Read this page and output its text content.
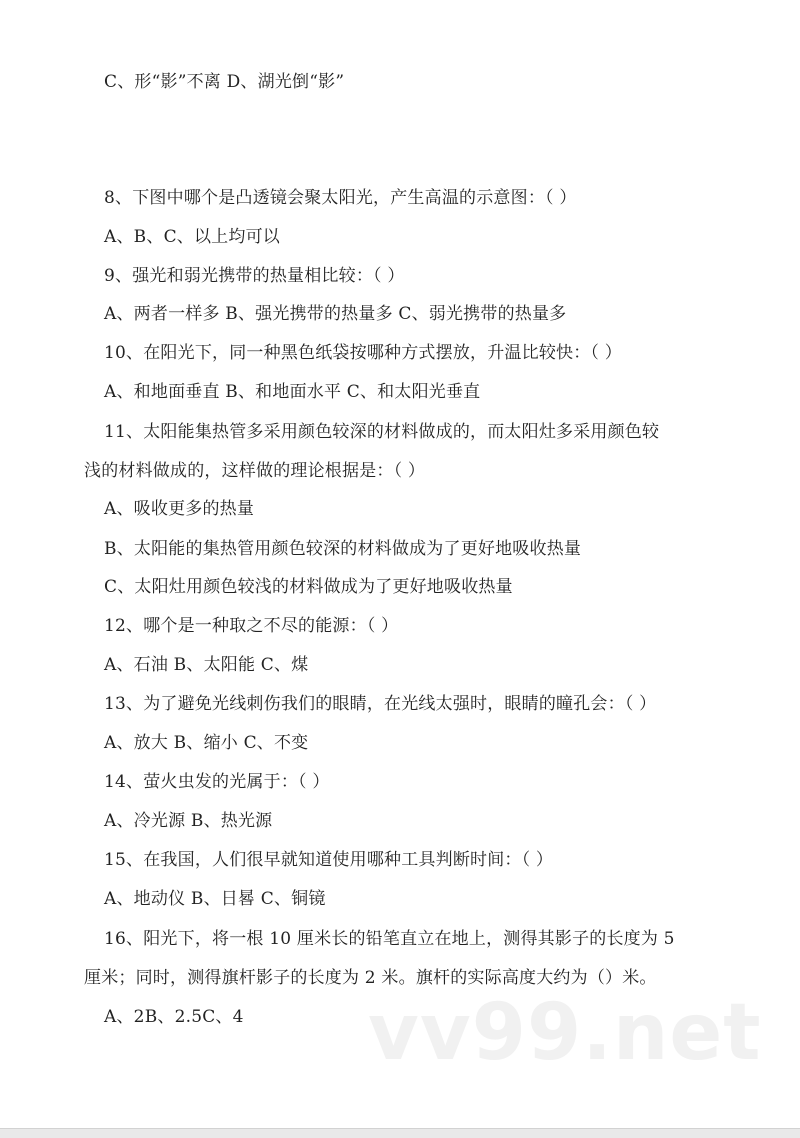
C、形“影”不离 D、湖光倒“影”
8、下图中哪个是凸透镜会聚太阳光，产生高温的示意图：（ ）
A、B、C、以上均可以
9、强光和弱光携带的热量相比较：（ ）
A、两者一样多 B、强光携带的热量多 C、弱光携带的热量多
10、在阳光下，同一种黑色纸袋按哪种方式摆放，升温比较快：（ ）
A、和地面垂直 B、和地面水平 C、和太阳光垂直
11、太阳能集热管多采用颜色较深的材料做成的，而太阳灶多采用颜色较
浅的材料做成的，这样做的理论根据是：（ ）
A、吸收更多的热量
B、太阳能的集热管用颜色较深的材料做成为了更好地吸收热量
C、太阳灶用颜色较浅的材料做成为了更好地吸收热量
12、哪个是一种取之不尽的能源：（ ）
A、石油 B、太阳能 C、煤
13、为了避免光线刺伤我们的眼睛，在光线太强时，眼睛的瞳孔会：（ ）
A、放大 B、缩小 C、不变
14、萤火虫发的光属于：（ ）
A、冷光源 B、热光源
15、在我国，人们很早就知道使用哪种工具判断时间：（ ）
A、地动仪 B、日晷 C、铜镜
16、阳光下，将一根 10 厘米长的铅笔直立在地上，测得其影子的长度为 5
厘米；同时，测得旗杆影子的长度为 2 米。旗杆的实际高度大约为（）米。
A、2B、2.5C、4 vv99.net
